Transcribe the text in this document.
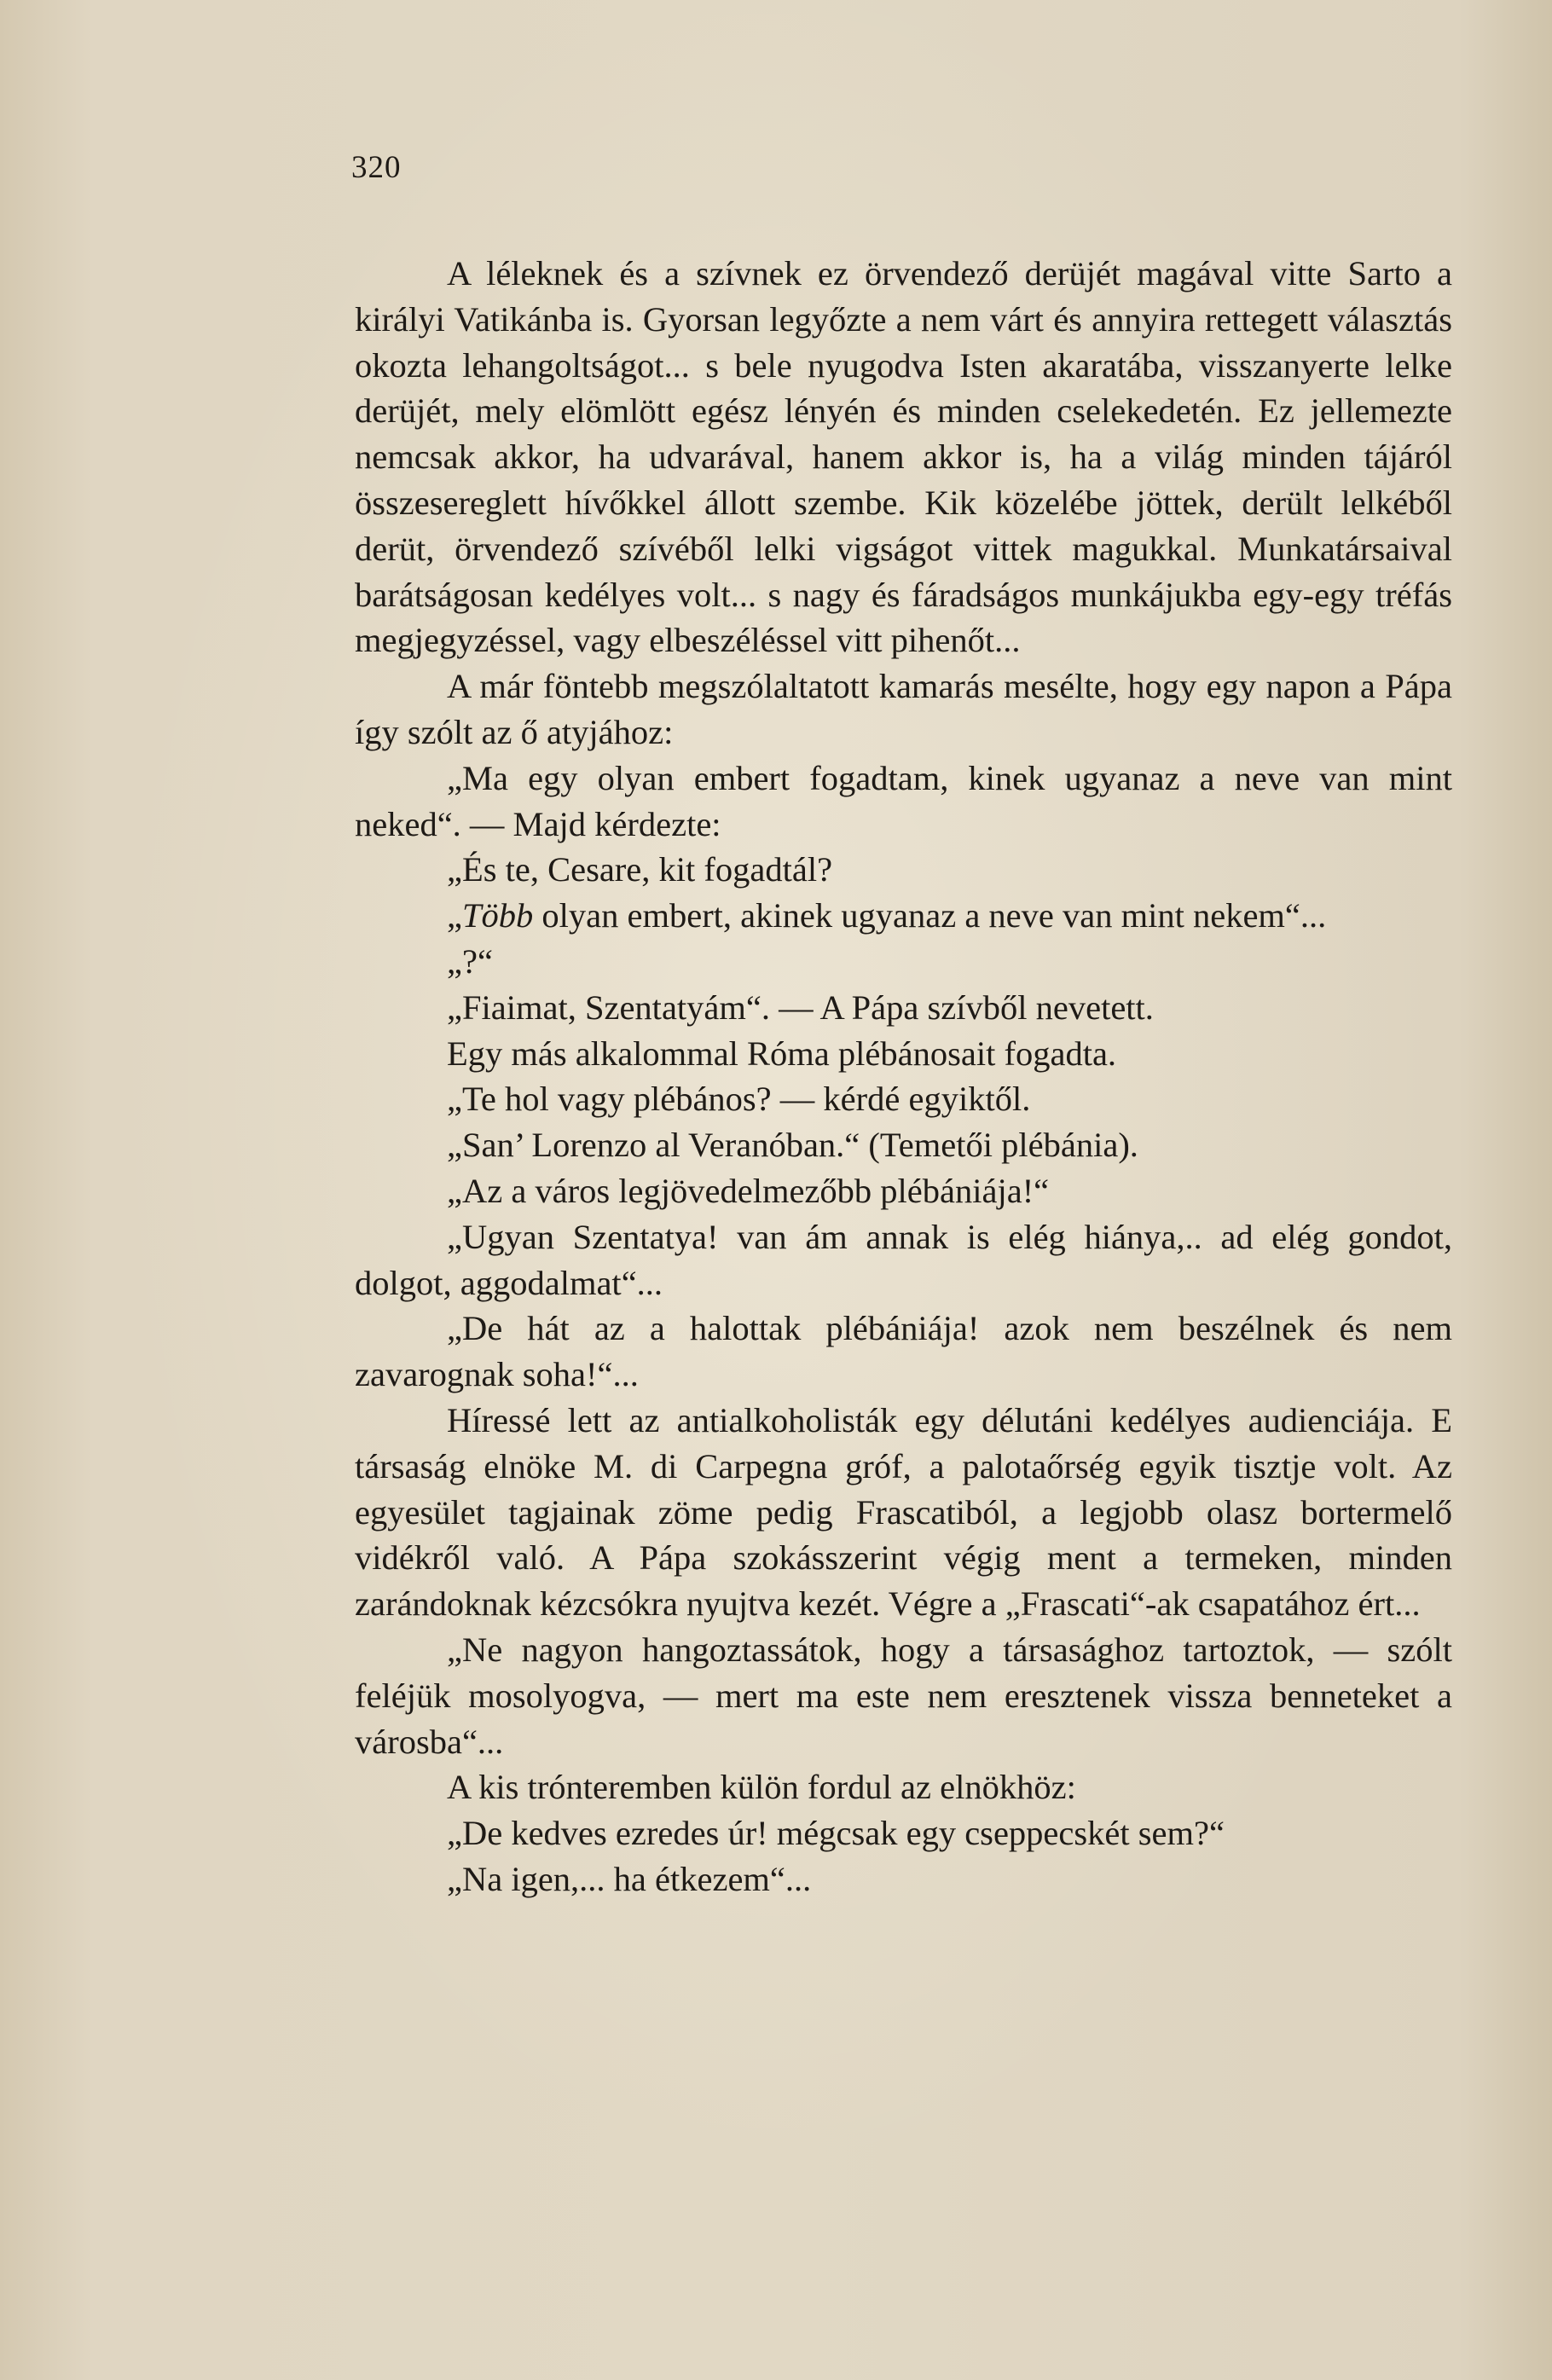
320

A léleknek és a szívnek ez örvendező derüjét magával vitte Sarto a királyi Vatikánba is. Gyorsan legyőzte a nem várt és annyira rettegett választás okozta lehangoltságot... s bele nyugodva Isten akaratába, visszanyerte lelke derüjét, mely elömlött egész lényén és minden cselekedetén. Ez jellemezte nemcsak akkor, ha udvarával, hanem akkor is, ha a világ minden tájáról összesereglett hívőkkel állott szembe. Kik közelébe jöttek, derült lelkéből derüt, örvendező szívéből lelki vigságot vittek magukkal. Munkatársaival barátságosan kedélyes volt... s nagy és fáradságos munkájukba egy-egy tréfás megjegyzéssel, vagy elbeszéléssel vitt pihenőt...

A már föntebb megszólaltatott kamarás mesélte, hogy egy napon a Pápa így szólt az ő atyjához:

„Ma egy olyan embert fogadtam, kinek ugyanaz a neve van mint neked“. — Majd kérdezte:

„És te, Cesare, kit fogadtál?

„Több olyan embert, akinek ugyanaz a neve van mint nekem“...

„?“

„Fiaimat, Szentatyám“. — A Pápa szívből nevetett.

Egy más alkalommal Róma plébánosait fogadta.

„Te hol vagy plébános? — kérdé egyiktől.

„San’ Lorenzo al Veranóban.“ (Temetői plébánia).

„Az a város legjövedelmezőbb plébániája!“

„Ugyan Szentatya! van ám annak is elég hiánya,.. ad elég gondot, dolgot, aggodalmat“...

„De hát az a halottak plébániája! azok nem beszélnek és nem zavarognak soha!“...

Híressé lett az antialkoholisták egy délutáni kedélyes audienciája. E társaság elnöke M. di Carpegna gróf, a palotaőrség egyik tisztje volt. Az egyesület tagjainak zöme pedig Frascatiból, a legjobb olasz bortermelő vidékről való. A Pápa szokásszerint végig ment a termeken, minden zarándoknak kézcsókra nyujtva kezét. Végre a „Frascati“-ak csapatához ért...

„Ne nagyon hangoztassátok, hogy a társasághoz tartoztok, — szólt feléjük mosolyogva, — mert ma este nem eresztenek vissza benneteket a városba“...

A kis trónteremben külön fordul az elnökhöz:

„De kedves ezredes úr! mégcsak egy cseppecskét sem?“

„Na igen,... ha étkezem“...
